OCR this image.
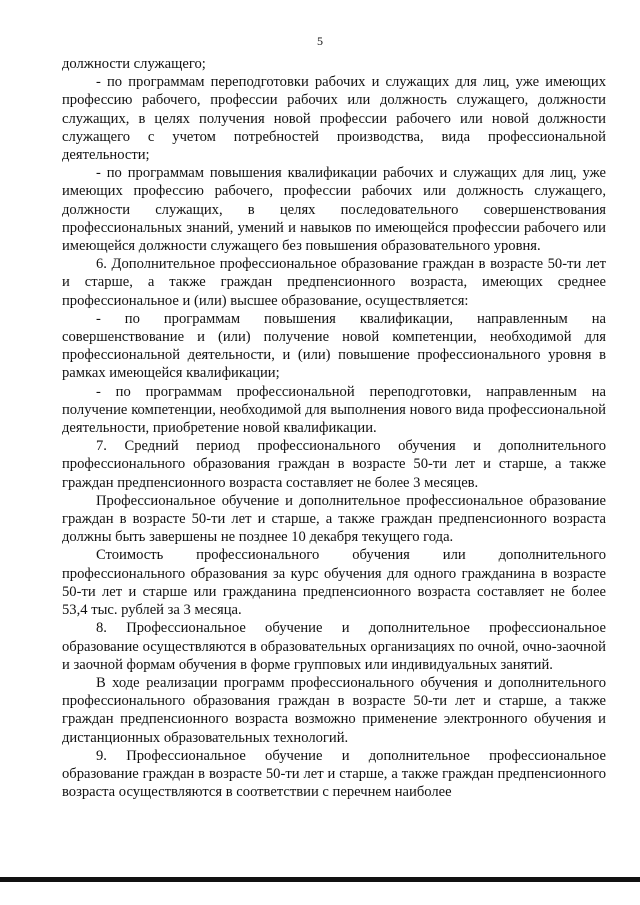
5

должности служащего;

- по программам переподготовки рабочих и служащих для лиц, уже имеющих профессию рабочего, профессии рабочих или должность служащего, должности служащих, в целях получения новой профессии рабочего или новой должности служащего с учетом потребностей производства, вида профессиональной деятельности;

- по программам повышения квалификации рабочих и служащих для лиц, уже имеющих профессию рабочего, профессии рабочих или должность служащего, должности служащих, в целях последовательного совершенствования профессиональных знаний, умений и навыков по имеющейся профессии рабочего или имеющейся должности служащего без повышения образовательного уровня.

6. Дополнительное профессиональное образование граждан в возрасте 50-ти лет и старше, а также граждан предпенсионного возраста, имеющих среднее профессиональное и (или) высшее образование, осуществляется:

- по программам повышения квалификации, направленным на совершенствование и (или) получение новой компетенции, необходимой для профессиональной деятельности, и (или) повышение профессионального уровня в рамках имеющейся квалификации;

- по программам профессиональной переподготовки, направленным на получение компетенции, необходимой для выполнения нового вида профессиональной деятельности, приобретение новой квалификации.

7. Средний период профессионального обучения и дополнительного профессионального образования граждан в возрасте 50-ти лет и старше, а также граждан предпенсионного возраста составляет не более 3 месяцев.

Профессиональное обучение и дополнительное профессиональное образование граждан в возрасте 50-ти лет и старше, а также граждан предпенсионного возраста должны быть завершены не позднее 10 декабря текущего года.

Стоимость профессионального обучения или дополнительного профессионального образования за курс обучения для одного гражданина в возрасте 50-ти лет и старше или гражданина предпенсионного возраста составляет не более 53,4 тыс. рублей за 3 месяца.

8. Профессиональное обучение и дополнительное профессиональное образование осуществляются в образовательных организациях по очной, очно-заочной и заочной формам обучения в форме групповых или индивидуальных занятий.

В ходе реализации программ профессионального обучения и дополнительного профессионального образования граждан в возрасте 50-ти лет и старше, а также граждан предпенсионного возраста возможно применение электронного обучения и дистанционных образовательных технологий.

9. Профессиональное обучение и дополнительное профессиональное образование граждан в возрасте 50-ти лет и старше, а также граждан предпенсионного возраста осуществляются в соответствии с перечнем наиболее
